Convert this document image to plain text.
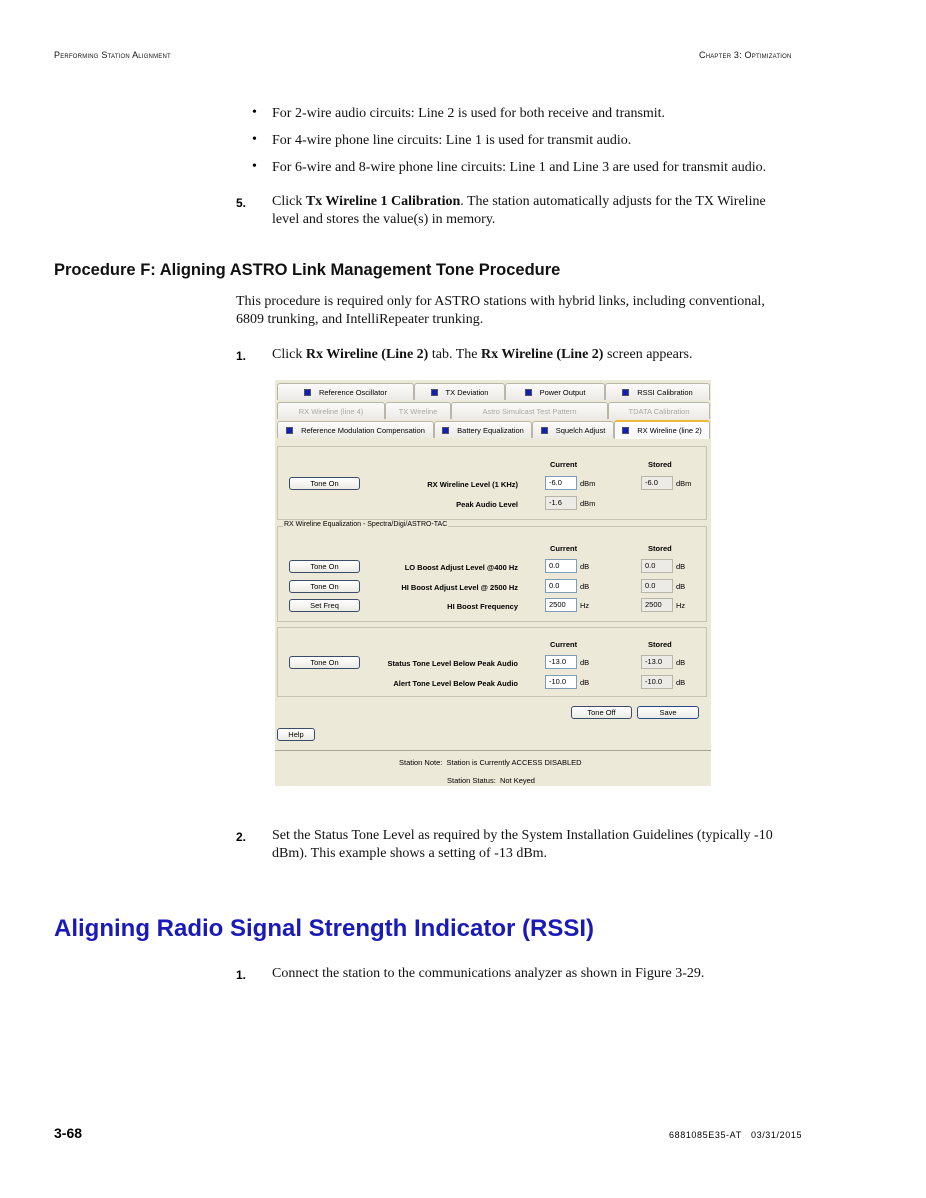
Performing Station Alignment	Chapter 3: Optimization
• For 2-wire audio circuits: Line 2 is used for both receive and transmit.
• For 4-wire phone line circuits: Line 1 is used for transmit audio.
• For 6-wire and 8-wire phone line circuits: Line 1 and Line 3 are used for transmit audio.
5. Click Tx Wireline 1 Calibration. The station automatically adjusts for the TX Wireline
level and stores the value(s) in memory.
Procedure F: Aligning ASTRO Link Management Tone Procedure
This procedure is required only for ASTRO stations with hybrid links, including conventional,
6809 trunking, and IntelliRepeater trunking.
1. Click Rx Wireline (Line 2) tab. The Rx Wireline (Line 2) screen appears.
Reference Oscillator	TX Deviation	Power Output	RSSI Calibration
RX Wireline (line 4)	TX Wireline	Astro Simulcast Test Pattern	TDATA Calibration
Reference Modulation Compensation	Battery Equalization	Squelch Adjust	RX Wireline (line 2)
Current	Stored
Tone On	RX Wireline Level (1 KHz)	-6.0	dBm	-6.0	dBm
Peak Audio Level	-1.6	dBm
RX Wireline Equalization - Spectra/Digi/ASTRO-TAC
Current	Stored
Tone On	LO Boost Adjust Level @400 Hz	0.0	dB	0.0	dB
Tone On	HI Boost Adjust Level @ 2500 Hz	0.0	dB	0.0	dB
Set Freq	HI Boost Frequency	2500	Hz	2500	Hz
Current	Stored
Tone On	Status Tone Level Below Peak Audio	-13.0	dB	-13.0	dB
Alert Tone Level Below Peak Audio	-10.0	dB	-10.0	dB
Tone Off	Save
Help
Station Note: Station is Currently ACCESS DISABLED
Station Status: Not Keyed
2. Set the Status Tone Level as required by the System Installation Guidelines (typically -10
dBm). This example shows a setting of -13 dBm.
Aligning Radio Signal Strength Indicator (RSSI)
1. Connect the station to the communications analyzer as shown in Figure 3-29.
3-68	6881085E35-AT 03/31/2015
